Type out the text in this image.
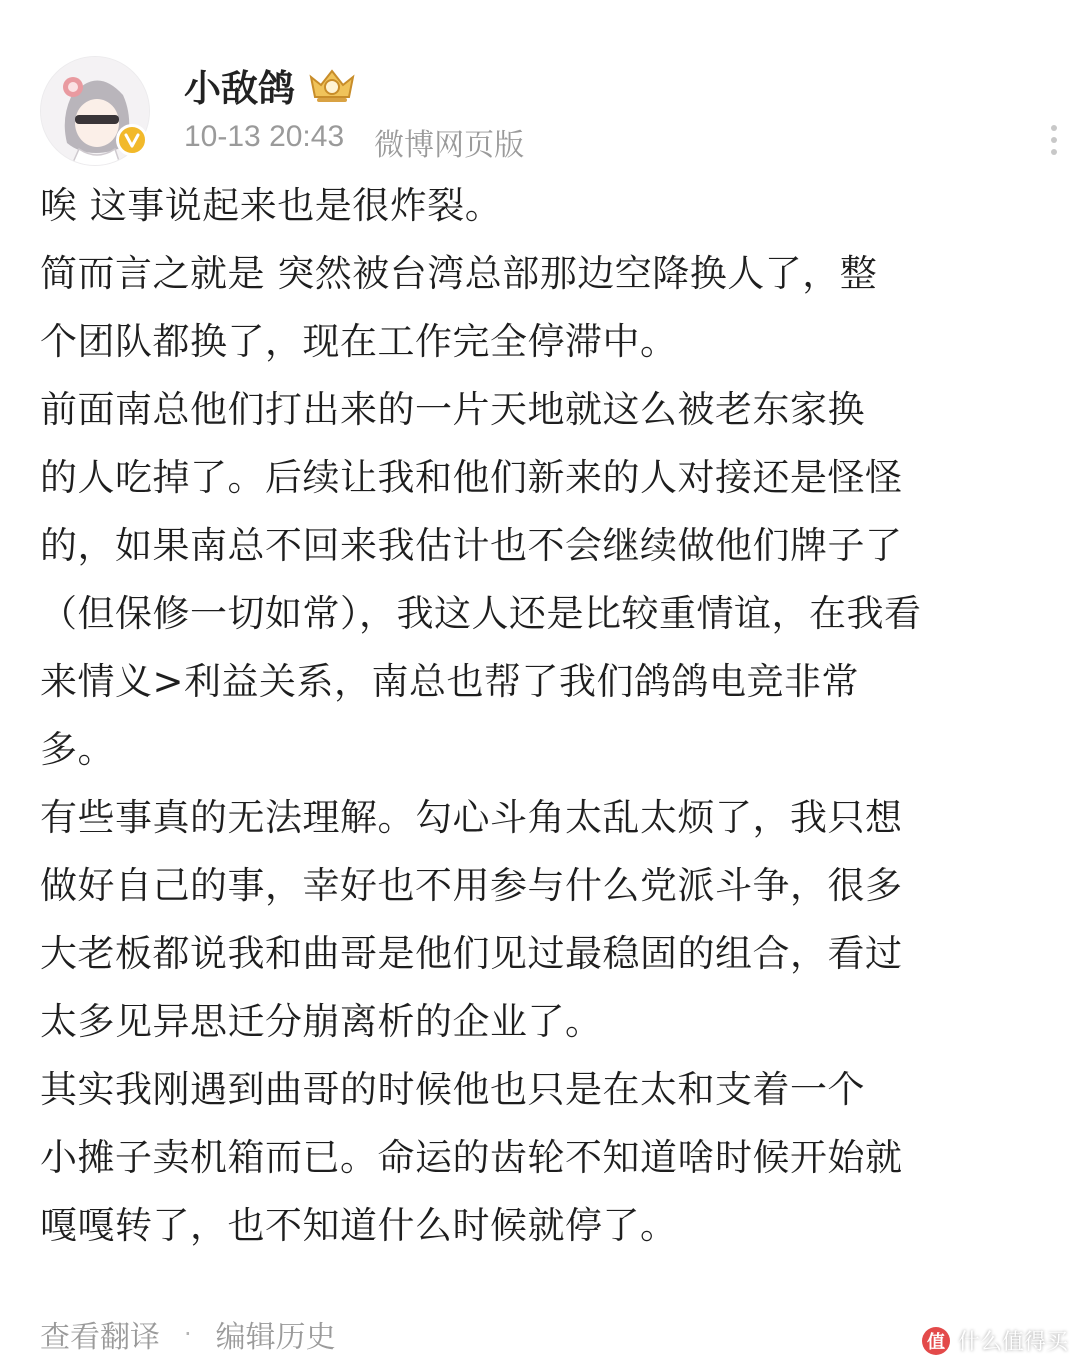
小敌鸽
10-13 20:43 微博网页版

唉 这事说起来也是很炸裂。

简而言之就是 突然被台湾总部那边空降换人了，整
个团队都换了，现在工作完全停滞中。

前面南总他们打出来的一片天地就这么被老东家换
的人吃掉了。后续让我和他们新来的人对接还是怪怪
的，如果南总不回来我估计也不会继续做他们牌子了
（但保修一切如常），我这人还是比较重情谊，在我看
来情义>利益关系，南总也帮了我们鸽鸽电竞非常
多。

有些事真的无法理解。勾心斗角太乱太烦了，我只想
做好自己的事，幸好也不用参与什么党派斗争，很多
大老板都说我和曲哥是他们见过最稳固的组合，看过
太多见异思迁分崩离析的企业了。

其实我刚遇到曲哥的时候他也只是在太和支着一个
小摊子卖机箱而已。命运的齿轮不知道啥时候开始就
嘎嘎转了，也不知道什么时候就停了。

查看翻译 · 编辑历史	值 什么值得买
